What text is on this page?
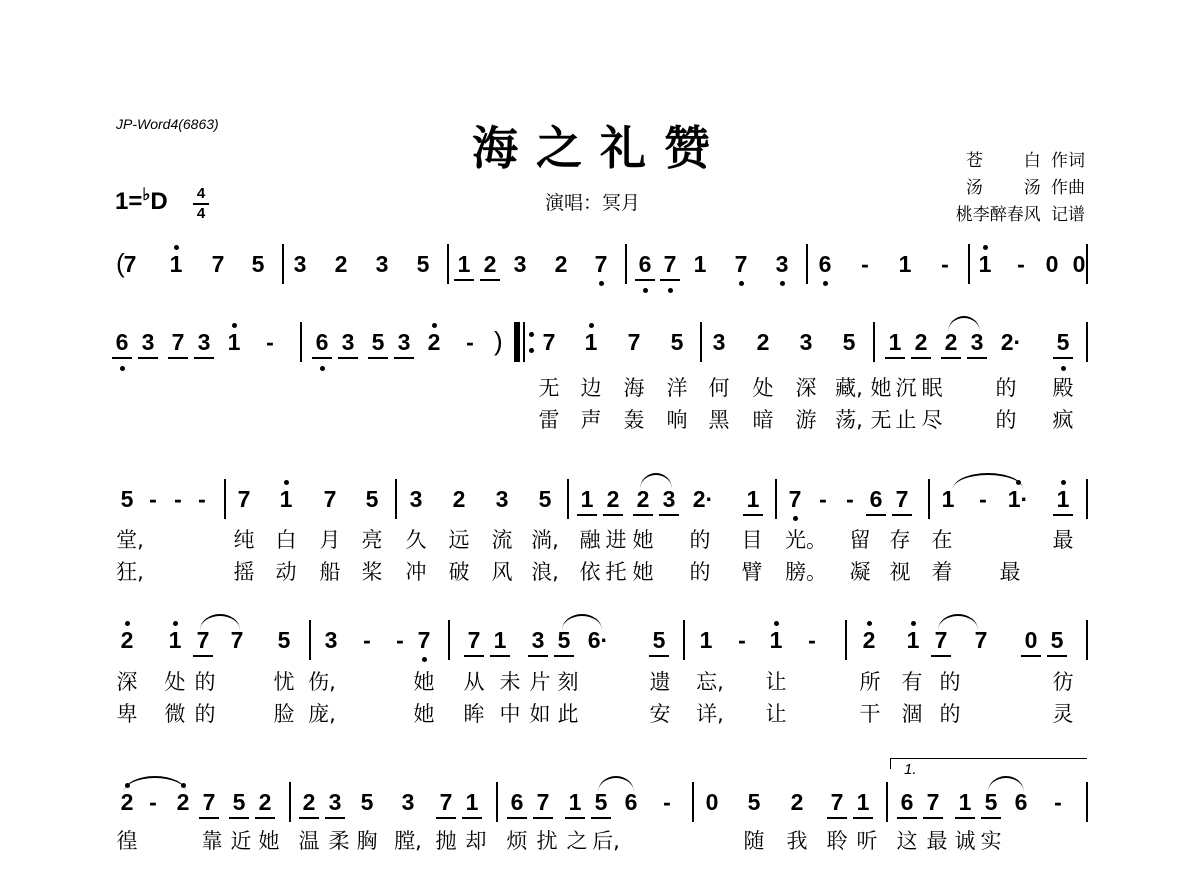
JP-Word4(6863)	海之礼赞
演唱：冥月
苍    白 作词
汤    汤 作曲
桃李醉春风 记谱
1=♭D 4
4
(
7 1 7 5 3 2 3 5 1 2 3 2 7 6 7 1 7 3 6	-	1	-	1	- 0 0
6 3 7 3 1	-	6 3 5 3 2	- ) 7 1 7 5 3 2 3 5 1 2 2 3 2· 5
无 边 海 洋 何 处 深 藏, 她 沉 眠	的 殿
雷 声 轰 响 黑 暗 游 荡, 无 止 尽	的 疯
5 - - -	7 1 7 5 3 2 3 5 1 2 2 3 2· 1 7 - - 6 7 1	- 1· 1
堂,	纯 白 月 亮 久 远 流 淌, 融 进 她 的 目 光。 留 存 在	最
狂,	摇 动 船 桨 冲 破 风 浪, 依 托 她 的 臂 膀。 凝 视 着 最
2 1 7 7 5 3	-	- 7 7 1 3 5 6· 5 1	-	1	-	2 1 7 7 0 5
深 处 的	忧 伤,	她 从 未 片 刻	遗 忘, 让	所 有 的	彷
卑 微 的	脸 庞,	她 眸 中 如 此	安 详, 让	干 涸 的	灵
2 - 2 7 5 2 2 3 5 3 7 1 6 7 1 5 6	-	0 5 2 7 1 6 7 1 5 6	-
徨	靠 近 她 温 柔 胸 膛, 抛 却 烦 扰 之 后,	随 我 聆 听 这 最 诚 实
1.
